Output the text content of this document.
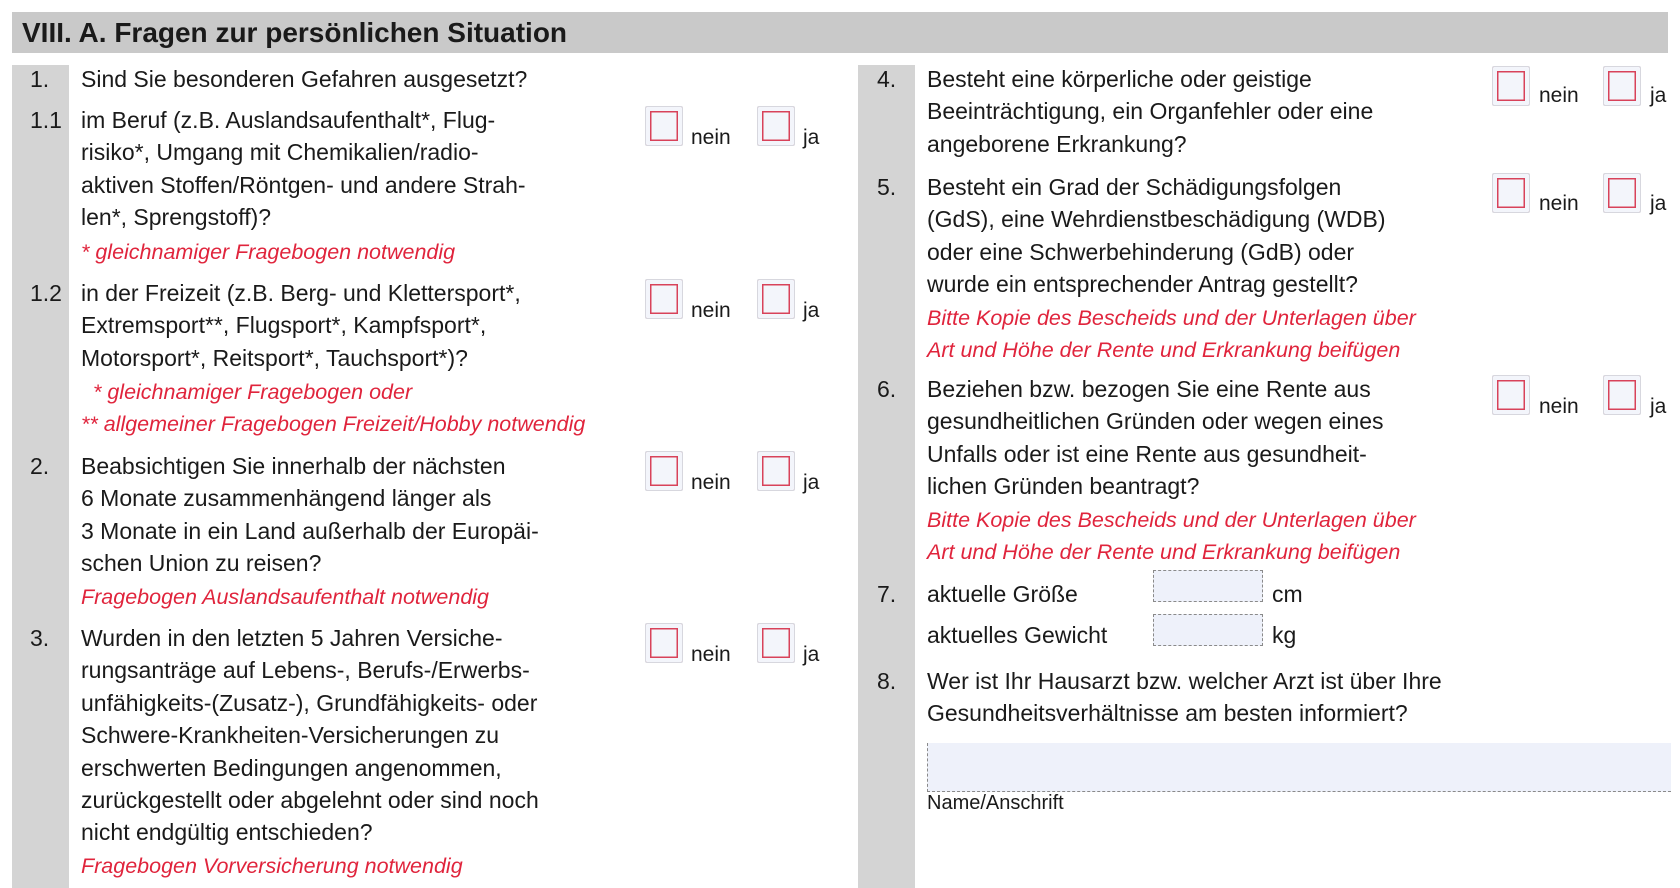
VIII. A. Fragen zur persönlichen Situation
1. Sind Sie besonderen Gefahren ausgesetzt?
1.1 im Beruf (z.B. Auslandsaufenthalt*, Flug-
risiko*, Umgang mit Chemikalien/radio-
aktiven Stoffen/Röntgen- und andere Strah-
len*, Sprengstoff)?
* gleichnamiger Fragebogen notwendig
nein	ja
1.2 in der Freizeit (z.B. Berg- und Klettersport*,
Extremsport**, Flugsport*, Kampfsport*,
Motorsport*, Reitsport*, Tauchsport*)?
* gleichnamiger Fragebogen oder
** allgemeiner Fragebogen Freizeit/Hobby notwendig
nein	ja
2. Beabsichtigen Sie innerhalb der nächsten
6 Monate zusammenhängend länger als
3 Monate in ein Land außerhalb der Europäi-
schen Union zu reisen?
Fragebogen Auslandsaufenthalt notwendig
nein	ja
3. Wurden in den letzten 5 Jahren Versiche-
rungsanträge auf Lebens-, Berufs-/Erwerbs-
unfähigkeits-(Zusatz-), Grundfähigkeits- oder
Schwere-Krankheiten-Versicherungen zu
erschwerten Bedingungen angenommen,
zurückgestellt oder abgelehnt oder sind noch
nicht endgültig entschieden?
Fragebogen Vorversicherung notwendig
nein	ja
4. Besteht eine körperliche oder geistige
Beeinträchtigung, ein Organfehler oder eine
angeborene Erkrankung?
nein	ja
5. Besteht ein Grad der Schädigungsfolgen
(GdS), eine Wehrdienstbeschädigung (WDB)
oder eine Schwerbehinderung (GdB) oder
wurde ein entsprechender Antrag gestellt?
Bitte Kopie des Bescheids und der Unterlagen über
Art und Höhe der Rente und Erkrankung beifügen
nein	ja
6. Beziehen bzw. bezogen Sie eine Rente aus
gesundheitlichen Gründen oder wegen eines
Unfalls oder ist eine Rente aus gesundheit-
lichen Gründen beantragt?
Bitte Kopie des Bescheids und der Unterlagen über
Art und Höhe der Rente und Erkrankung beifügen
nein	ja
7. aktuelle Größe	cm
aktuelles Gewicht	kg
8. Wer ist Ihr Hausarzt bzw. welcher Arzt ist über Ihre
Gesundheitsverhältnisse am besten informiert?
Name/Anschrift
